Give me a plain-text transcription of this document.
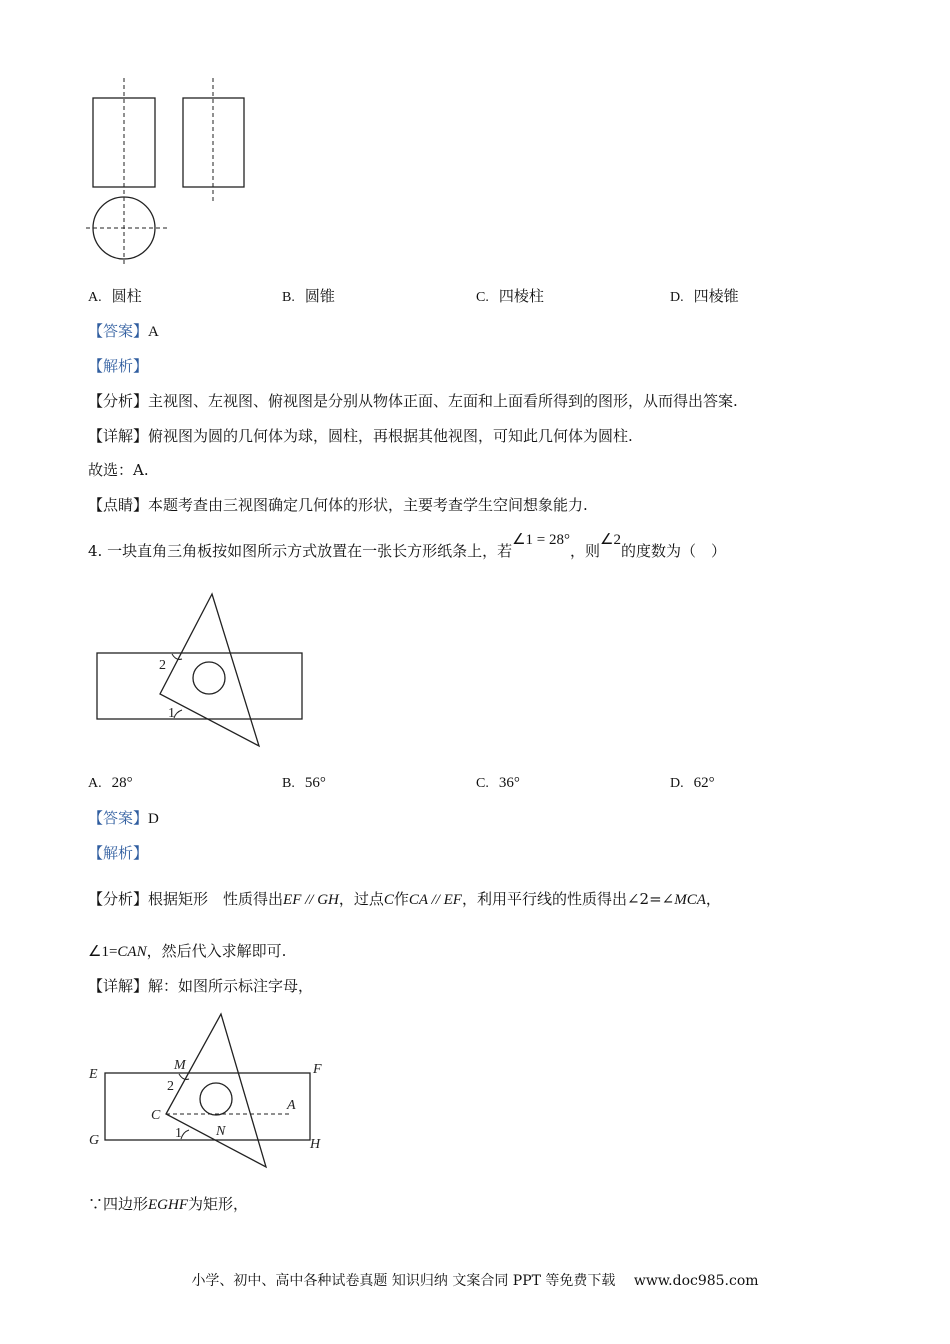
A. 圆柱	B. 圆锥	C. 四棱柱	D. 四棱锥
【答案】A
【解析】
【分析】主视图、左视图、俯视图是分别从物体正面、左面和上面看所得到的图形，从而得出答案.
【详解】俯视图为圆的几何体为球，圆柱，再根据其他视图，可知此几何体为圆柱.
故选：A.
【点睛】本题考查由三视图确定几何体的形状，主要考查学生空间想象能力.
4. 一块直角三角板按如图所示方式放置在一张长方形纸条上，若∠1 = 28°，则∠2的度数为（　）
2
1
A. 28°	B. 56°	C. 36°	D. 62°
【答案】D
【解析】
【分析】根据矩形　性质得出EF // GH，过点C作CA // EF，利用平行线的性质得出∠2=∠MCA，
∠1=CAN，然后代入求解即可.
【详解】解：如图所示标注字母，
E	F
G	H
M
C
A
N
2
1
∵四边形EGHF为矩形，
小学、初中、高中各种试卷真题 知识归纳 文案合同 PPT 等免费下载　 www.doc985.com
